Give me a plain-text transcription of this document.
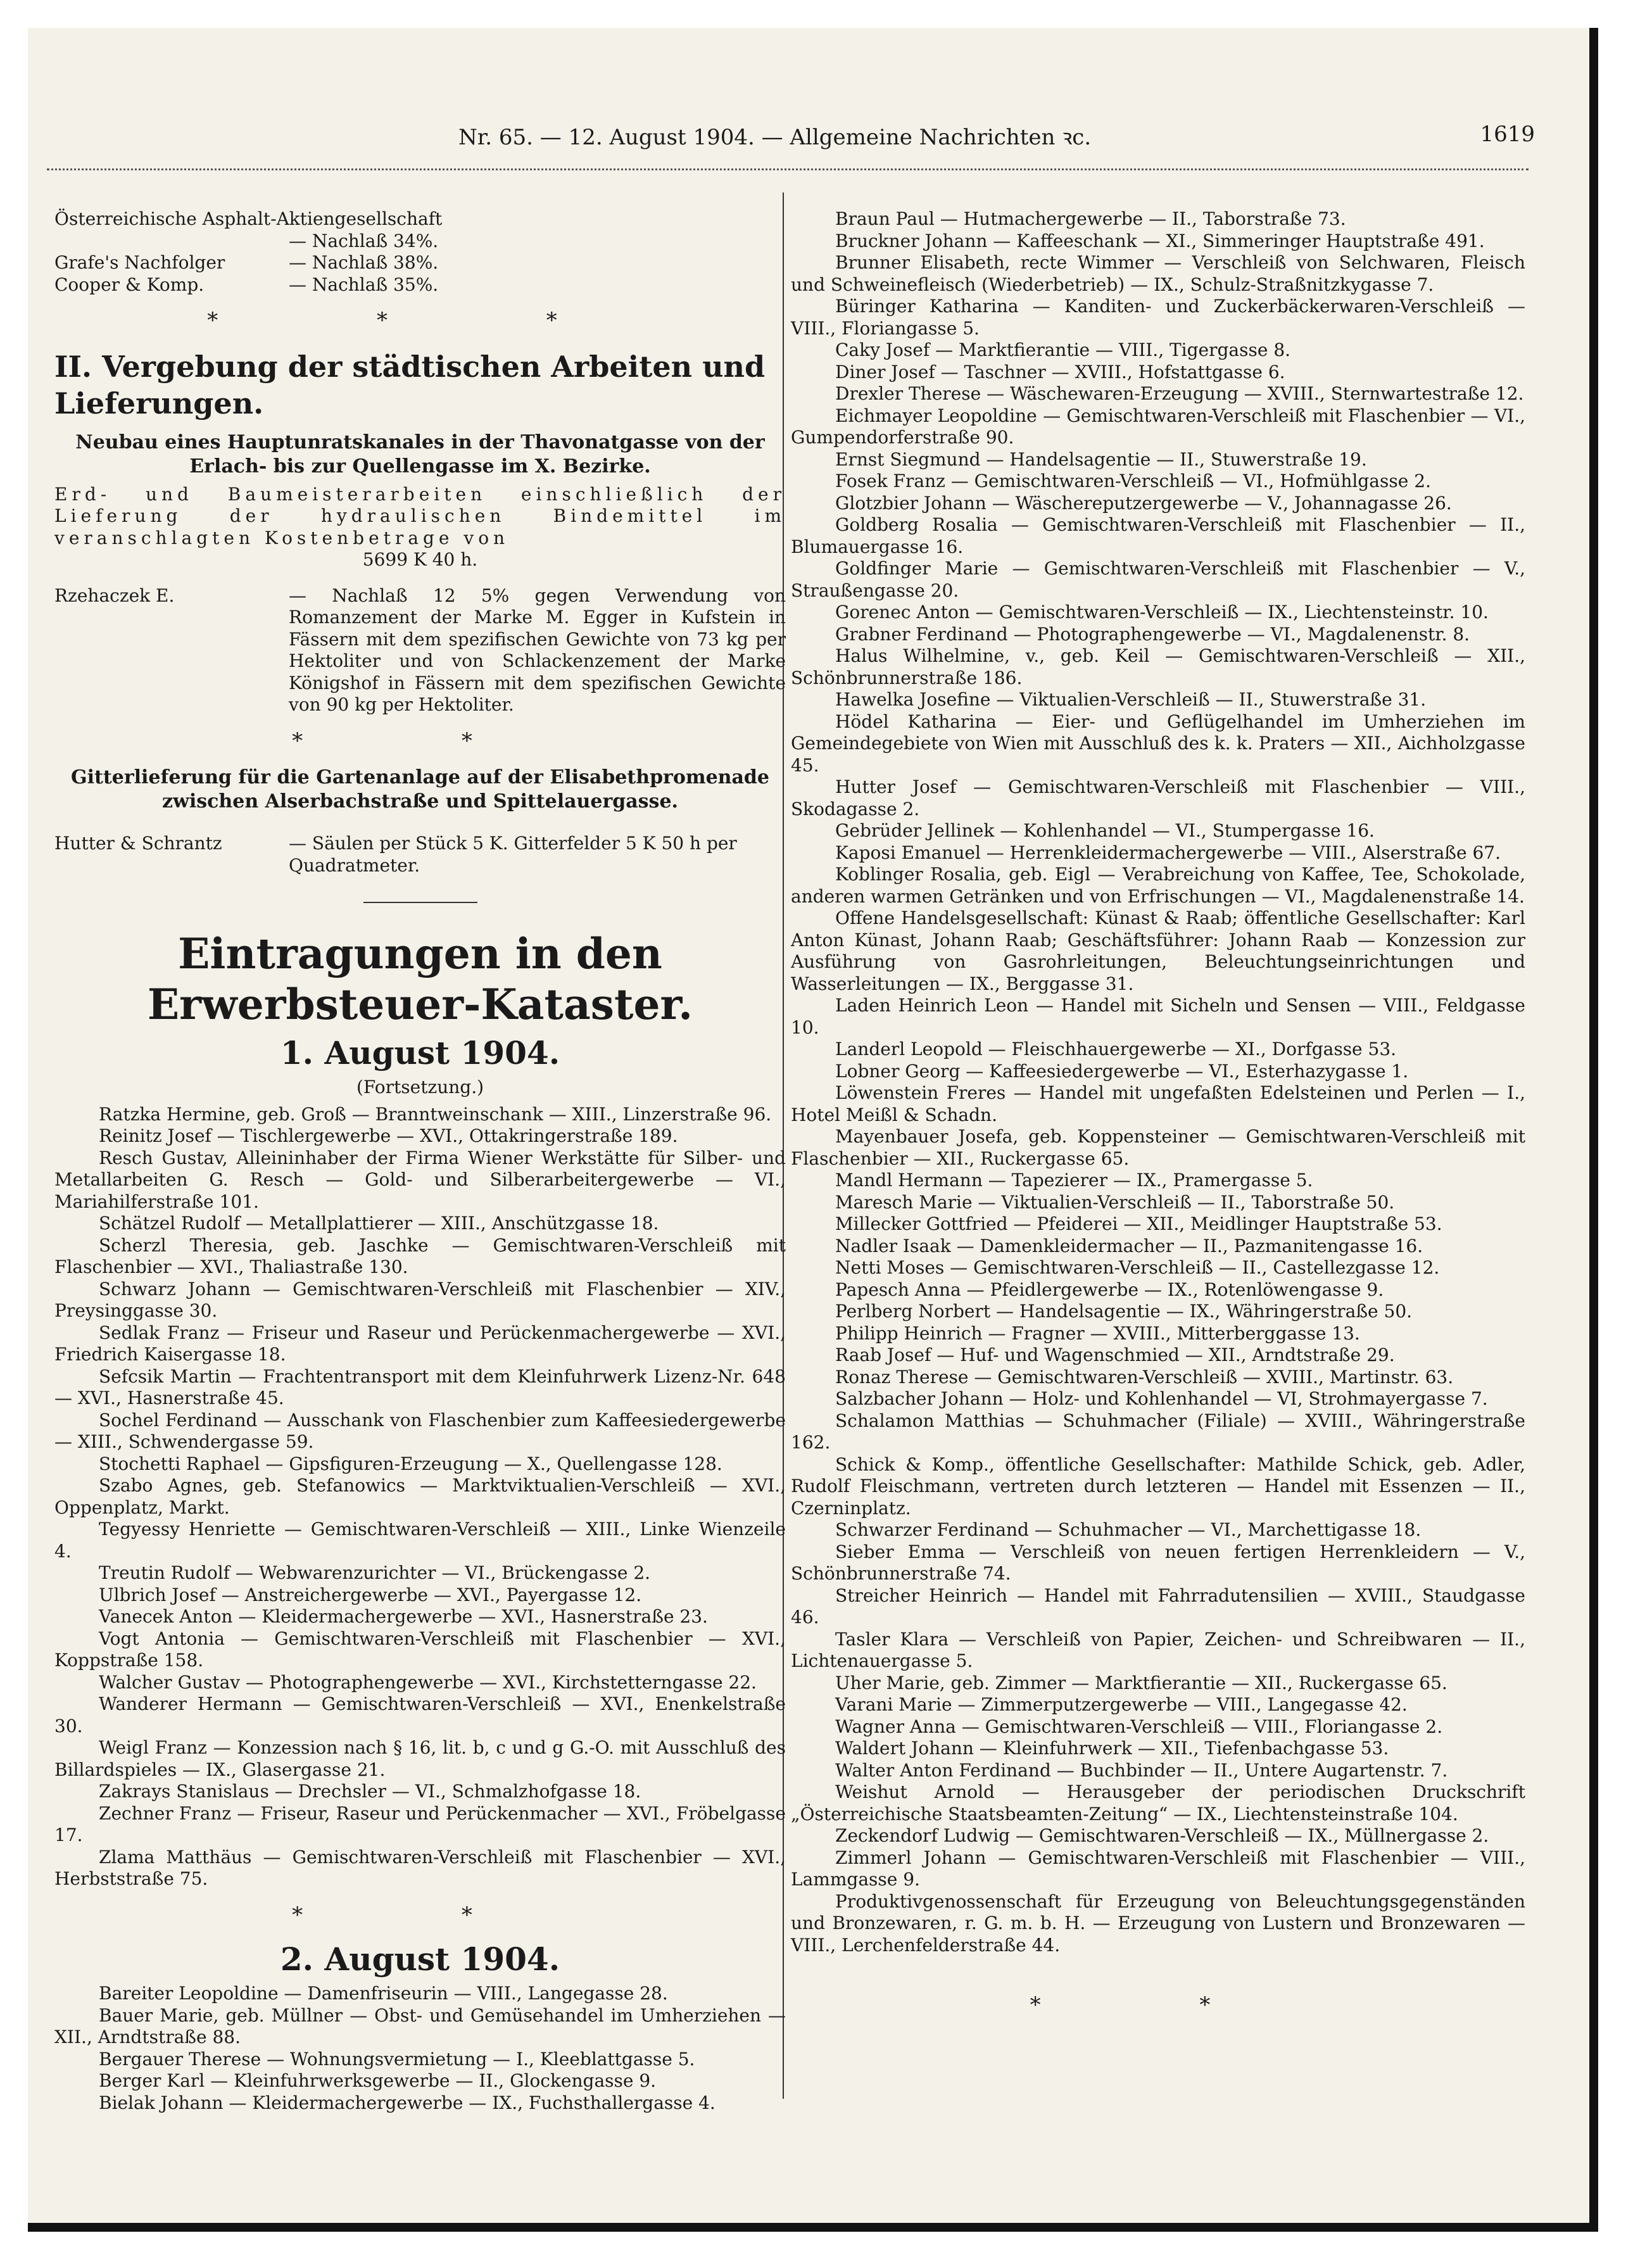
Nr. 65. — 12. August 1904. — Allgemeine Nachrichten ꝛc.	1619
Österreichische Asphalt-Aktiengesellschaft
— Nachlaß 34%.
Grafe's Nachfolger	— Nachlaß 38%.
Cooper & Komp.	— Nachlaß 35%.
* * *
II. Vergebung der städtischen Arbeiten und Lieferungen.
Neubau eines Hauptunratskanales in der Thavonatgasse von der Erlach- bis zur Quellengasse im X. Bezirke.

Erd- und Baumeisterarbeiten einschließlich der Lieferung der hydraulischen Bindemittel im veranschlagten Kostenbetrage von

5699 K 40 h.
Rzehaczek E.	— Nachlaß 12 5% gegen Verwendung von Romanzement der Marke M. Egger in Kufstein in Fässern mit dem spezifischen Gewichte von 73 kg per Hektoliter und von Schlackenzement der Marke Königshof in Fässern mit dem spezifischen Gewichte von 90 kg per Hektoliter.
* *
Gitterlieferung für die Gartenanlage auf der Elisabethpromenade zwischen Alserbachstraße und Spittelauergasse.
Hutter & Schrantz	— Säulen per Stück 5 K. Gitterfelder 5 K 50 h per Quadratmeter.
Eintragungen in den Erwerbsteuer-Kataster.
1. August 1904.
(Fortsetzung.)

Ratzka Hermine, geb. Groß — Branntweinschank — XIII., Linzerstraße 96.

Reinitz Josef — Tischlergewerbe — XVI., Ottakringerstraße 189.

Resch Gustav, Alleininhaber der Firma Wiener Werkstätte für Silber- und Metallarbeiten G. Resch — Gold- und Silberarbeitergewerbe — VI., Mariahilferstraße 101.

Schätzel Rudolf — Metallplattierer — XIII., Anschützgasse 18.

Scherzl Theresia, geb. Jaschke — Gemischtwaren-Verschleiß mit Flaschenbier — XVI., Thaliastraße 130.

Schwarz Johann — Gemischtwaren-Verschleiß mit Flaschenbier — XIV., Preysinggasse 30.

Sedlak Franz — Friseur und Raseur und Perückenmachergewerbe — XVI., Friedrich Kaisergasse 18.

Sefcsik Martin — Frachtentransport mit dem Kleinfuhrwerk Lizenz-Nr. 648 — XVI., Hasnerstraße 45.

Sochel Ferdinand — Ausschank von Flaschenbier zum Kaffeesiedergewerbe — XIII., Schwendergasse 59.

Stochetti Raphael — Gipsfiguren-Erzeugung — X., Quellengasse 128.

Szabo Agnes, geb. Stefanowics — Marktviktualien-Verschleiß — XVI., Oppenplatz, Markt.

Tegyessy Henriette — Gemischtwaren-Verschleiß — XIII., Linke Wienzeile 4.

Treutin Rudolf — Webwarenzurichter — VI., Brückengasse 2.

Ulbrich Josef — Anstreichergewerbe — XVI., Payergasse 12.

Vanecek Anton — Kleidermachergewerbe — XVI., Hasnerstraße 23.

Vogt Antonia — Gemischtwaren-Verschleiß mit Flaschenbier — XVI., Koppstraße 158.

Walcher Gustav — Photographengewerbe — XVI., Kirchstetterngasse 22.

Wanderer Hermann — Gemischtwaren-Verschleiß — XVI., Enenkelstraße 30.

Weigl Franz — Konzession nach § 16, lit. b, c und g G.-O. mit Ausschluß des Billardspieles — IX., Glasergasse 21.

Zakrays Stanislaus — Drechsler — VI., Schmalzhofgasse 18.

Zechner Franz — Friseur, Raseur und Perückenmacher — XVI., Fröbelgasse 17.

Zlama Matthäus — Gemischtwaren-Verschleiß mit Flaschenbier — XVI., Herbststraße 75.

* *
2. August 1904.

Bareiter Leopoldine — Damenfriseurin — VIII., Langegasse 28.

Bauer Marie, geb. Müllner — Obst- und Gemüsehandel im Umherziehen — XII., Arndtstraße 88.

Bergauer Therese — Wohnungsvermietung — I., Kleeblattgasse 5.

Berger Karl — Kleinfuhrwerksgewerbe — II., Glockengasse 9.

Bielak Johann — Kleidermachergewerbe — IX., Fuchsthallergasse 4.

Braun Paul — Hutmachergewerbe — II., Taborstraße 73.

Bruckner Johann — Kaffeeschank — XI., Simmeringer Hauptstraße 491.

Brunner Elisabeth, recte Wimmer — Verschleiß von Selchwaren, Fleisch und Schweinefleisch (Wiederbetrieb) — IX., Schulz-Straßnitzkygasse 7.

Büringer Katharina — Kanditen- und Zuckerbäckerwaren-Verschleiß — VIII., Floriangasse 5.

Caky Josef — Marktfierantie — VIII., Tigergasse 8.

Diner Josef — Taschner — XVIII., Hofstattgasse 6.

Drexler Therese — Wäschewaren-Erzeugung — XVIII., Sternwartestraße 12.

Eichmayer Leopoldine — Gemischtwaren-Verschleiß mit Flaschenbier — VI., Gumpendorferstraße 90.

Ernst Siegmund — Handelsagentie — II., Stuwerstraße 19.

Fosek Franz — Gemischtwaren-Verschleiß — VI., Hofmühlgasse 2.

Glotzbier Johann — Wäschereputzergewerbe — V., Johannagasse 26.

Goldberg Rosalia — Gemischtwaren-Verschleiß mit Flaschenbier — II., Blumauergasse 16.

Goldfinger Marie — Gemischtwaren-Verschleiß mit Flaschenbier — V., Straußengasse 20.

Gorenec Anton — Gemischtwaren-Verschleiß — IX., Liechtensteinstr. 10.

Grabner Ferdinand — Photographengewerbe — VI., Magdalenenstr. 8.

Halus Wilhelmine, v., geb. Keil — Gemischtwaren-Verschleiß — XII., Schönbrunnerstraße 186.

Hawelka Josefine — Viktualien-Verschleiß — II., Stuwerstraße 31.

Hödel Katharina — Eier- und Geflügelhandel im Umherziehen im Gemeindegebiete von Wien mit Ausschluß des k. k. Praters — XII., Aichholzgasse 45.

Hutter Josef — Gemischtwaren-Verschleiß mit Flaschenbier — VIII., Skodagasse 2.

Gebrüder Jellinek — Kohlenhandel — VI., Stumpergasse 16.

Kaposi Emanuel — Herrenkleidermachergewerbe — VIII., Alserstraße 67.

Koblinger Rosalia, geb. Eigl — Verabreichung von Kaffee, Tee, Schokolade, anderen warmen Getränken und von Erfrischungen — VI., Magdalenenstraße 14.

Offene Handelsgesellschaft: Künast & Raab; öffentliche Gesellschafter: Karl Anton Künast, Johann Raab; Geschäftsführer: Johann Raab — Konzession zur Ausführung von Gasrohrleitungen, Beleuchtungseinrichtungen und Wasserleitungen — IX., Berggasse 31.

Laden Heinrich Leon — Handel mit Sicheln und Sensen — VIII., Feldgasse 10.

Landerl Leopold — Fleischhauergewerbe — XI., Dorfgasse 53.

Lobner Georg — Kaffeesiedergewerbe — VI., Esterhazygasse 1.

Löwenstein Freres — Handel mit ungefaßten Edelsteinen und Perlen — I., Hotel Meißl & Schadn.

Mayenbauer Josefa, geb. Koppensteiner — Gemischtwaren-Verschleiß mit Flaschenbier — XII., Ruckergasse 65.

Mandl Hermann — Tapezierer — IX., Pramergasse 5.

Maresch Marie — Viktualien-Verschleiß — II., Taborstraße 50.

Millecker Gottfried — Pfeiderei — XII., Meidlinger Hauptstraße 53.

Nadler Isaak — Damenkleidermacher — II., Pazmanitengasse 16.

Netti Moses — Gemischtwaren-Verschleiß — II., Castellezgasse 12.

Papesch Anna — Pfeidlergewerbe — IX., Rotenlöwengasse 9.

Perlberg Norbert — Handelsagentie — IX., Währingerstraße 50.

Philipp Heinrich — Fragner — XVIII., Mitterberggasse 13.

Raab Josef — Huf- und Wagenschmied — XII., Arndtstraße 29.

Ronaz Therese — Gemischtwaren-Verschleiß — XVIII., Martinstr. 63.

Salzbacher Johann — Holz- und Kohlenhandel — VI, Strohmayergasse 7.

Schalamon Matthias — Schuhmacher (Filiale) — XVIII., Währingerstraße 162.

Schick & Komp., öffentliche Gesellschafter: Mathilde Schick, geb. Adler, Rudolf Fleischmann, vertreten durch letzteren — Handel mit Essenzen — II., Czerninplatz.

Schwarzer Ferdinand — Schuhmacher — VI., Marchettigasse 18.

Sieber Emma — Verschleiß von neuen fertigen Herrenkleidern — V., Schönbrunnerstraße 74.

Streicher Heinrich — Handel mit Fahrradutensilien — XVIII., Staudgasse 46.

Tasler Klara — Verschleiß von Papier, Zeichen- und Schreibwaren — II., Lichtenauergasse 5.

Uher Marie, geb. Zimmer — Marktfierantie — XII., Ruckergasse 65.

Varani Marie — Zimmerputzergewerbe — VIII., Langegasse 42.

Wagner Anna — Gemischtwaren-Verschleiß — VIII., Floriangasse 2.

Waldert Johann — Kleinfuhrwerk — XII., Tiefenbachgasse 53.

Walter Anton Ferdinand — Buchbinder — II., Untere Augartenstr. 7.

Weishut Arnold — Herausgeber der periodischen Druckschrift „Österreichische Staatsbeamten-Zeitung“ — IX., Liechtensteinstraße 104.

Zeckendorf Ludwig — Gemischtwaren-Verschleiß — IX., Müllnergasse 2.

Zimmerl Johann — Gemischtwaren-Verschleiß mit Flaschenbier — VIII., Lammgasse 9.

Produktivgenossenschaft für Erzeugung von Beleuchtungsgegenständen und Bronzewaren, r. G. m. b. H. — Erzeugung von Lustern und Bronzewaren — VIII., Lerchenfelderstraße 44.

* *
